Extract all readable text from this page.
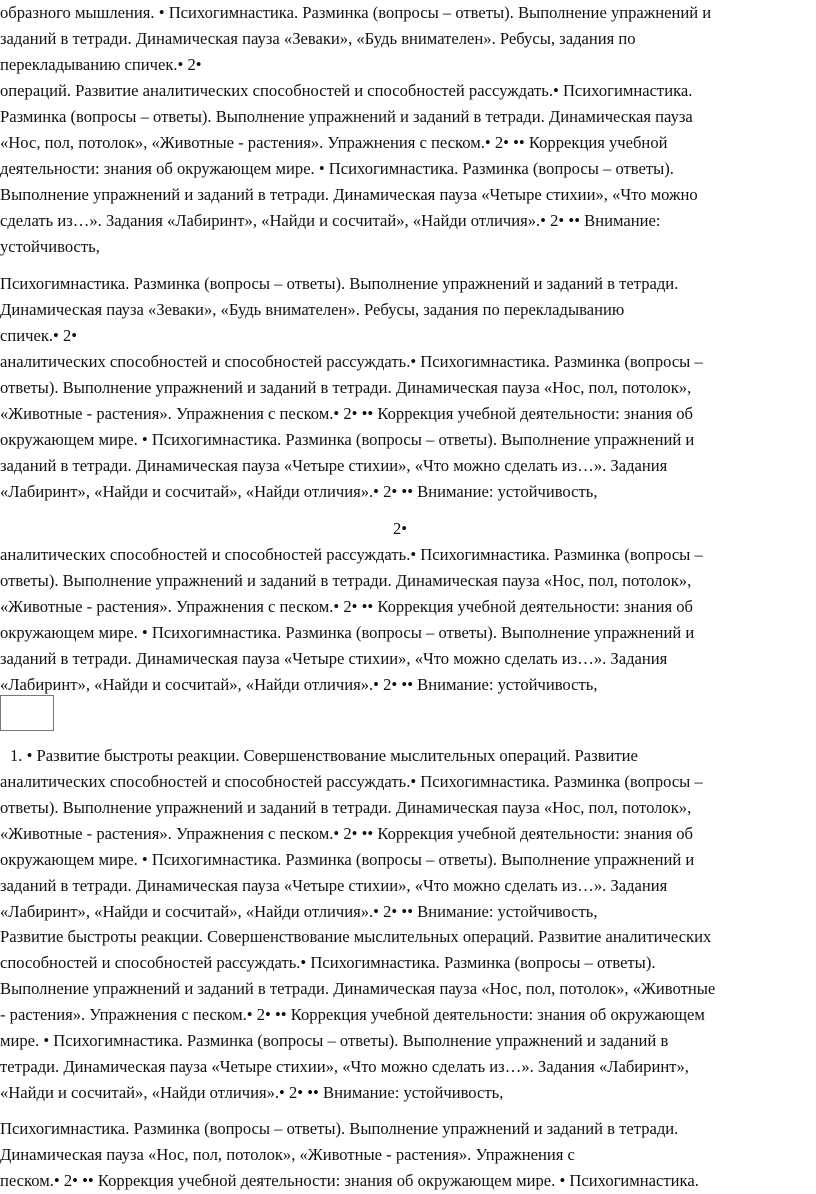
образного мышления. • Психогимнастика. Разминка (вопросы – ответы). Выполнение упражнений и
заданий в тетради. Динамическая пауза «Зеваки», «Будь внимателен». Ребусы, задания по
перекладыванию спичек.• 2•
операций. Развитие аналитических способностей и способностей рассуждать.• Психогимнастика.
Разминка (вопросы – ответы). Выполнение упражнений и заданий в тетради. Динамическая пауза
«Нос, пол, потолок», «Животные - растения». Упражнения с песком.• 2• •• Коррекция учебной
деятельности: знания об окружающем мире. • Психогимнастика. Разминка (вопросы – ответы).
Выполнение упражнений и заданий в тетради. Динамическая пауза «Четыре стихии», «Что можно
сделать из…». Задания «Лабиринт», «Найди и сосчитай», «Найди отличия».• 2• •• Внимание:
устойчивость,
Психогимнастика. Разминка (вопросы – ответы). Выполнение упражнений и заданий в тетради.
Динамическая пауза «Зеваки», «Будь внимателен». Ребусы, задания по перекладыванию
спичек.• 2•
аналитических способностей и способностей рассуждать.• Психогимнастика. Разминка (вопросы –
ответы). Выполнение упражнений и заданий в тетради. Динамическая пауза «Нос, пол, потолок»,
«Животные - растения». Упражнения с песком.• 2• •• Коррекция учебной деятельности: знания об
окружающем мире. • Психогимнастика. Разминка (вопросы – ответы). Выполнение упражнений и
заданий в тетради. Динамическая пауза «Четыре стихии», «Что можно сделать из…». Задания
«Лабиринт», «Найди и сосчитай», «Найди отличия».• 2• •• Внимание: устойчивость,
2•
аналитических способностей и способностей рассуждать.• Психогимнастика. Разминка (вопросы –
ответы). Выполнение упражнений и заданий в тетради. Динамическая пауза «Нос, пол, потолок»,
«Животные - растения». Упражнения с песком.• 2• •• Коррекция учебной деятельности: знания об
окружающем мире. • Психогимнастика. Разминка (вопросы – ответы). Выполнение упражнений и
заданий в тетради. Динамическая пауза «Четыре стихии», «Что можно сделать из…». Задания
«Лабиринт», «Найди и сосчитай», «Найди отличия».• 2• •• Внимание: устойчивость,
1. • Развитие быстроты реакции. Совершенствование мыслительных операций. Развитие
аналитических способностей и способностей рассуждать.• Психогимнастика. Разминка (вопросы –
ответы). Выполнение упражнений и заданий в тетради. Динамическая пауза «Нос, пол, потолок»,
«Животные - растения». Упражнения с песком.• 2• •• Коррекция учебной деятельности: знания об
окружающем мире. • Психогимнастика. Разминка (вопросы – ответы). Выполнение упражнений и
заданий в тетради. Динамическая пауза «Четыре стихии», «Что можно сделать из…». Задания
«Лабиринт», «Найди и сосчитай», «Найди отличия».• 2• •• Внимание: устойчивость,
Развитие быстроты реакции. Совершенствование мыслительных операций. Развитие аналитических
способностей и способностей рассуждать.• Психогимнастика. Разминка (вопросы – ответы).
Выполнение упражнений и заданий в тетради. Динамическая пауза «Нос, пол, потолок», «Животные
- растения». Упражнения с песком.• 2• •• Коррекция учебной деятельности: знания об окружающем
мире. • Психогимнастика. Разминка (вопросы – ответы). Выполнение упражнений и заданий в
тетради. Динамическая пауза «Четыре стихии», «Что можно сделать из…». Задания «Лабиринт»,
«Найди и сосчитай», «Найди отличия».• 2• •• Внимание: устойчивость,
Психогимнастика. Разминка (вопросы – ответы). Выполнение упражнений и заданий в тетради.
Динамическая пауза «Нос, пол, потолок», «Животные - растения». Упражнения с
песком.• 2• •• Коррекция учебной деятельности: знания об окружающем мире. • Психогимнастика.
